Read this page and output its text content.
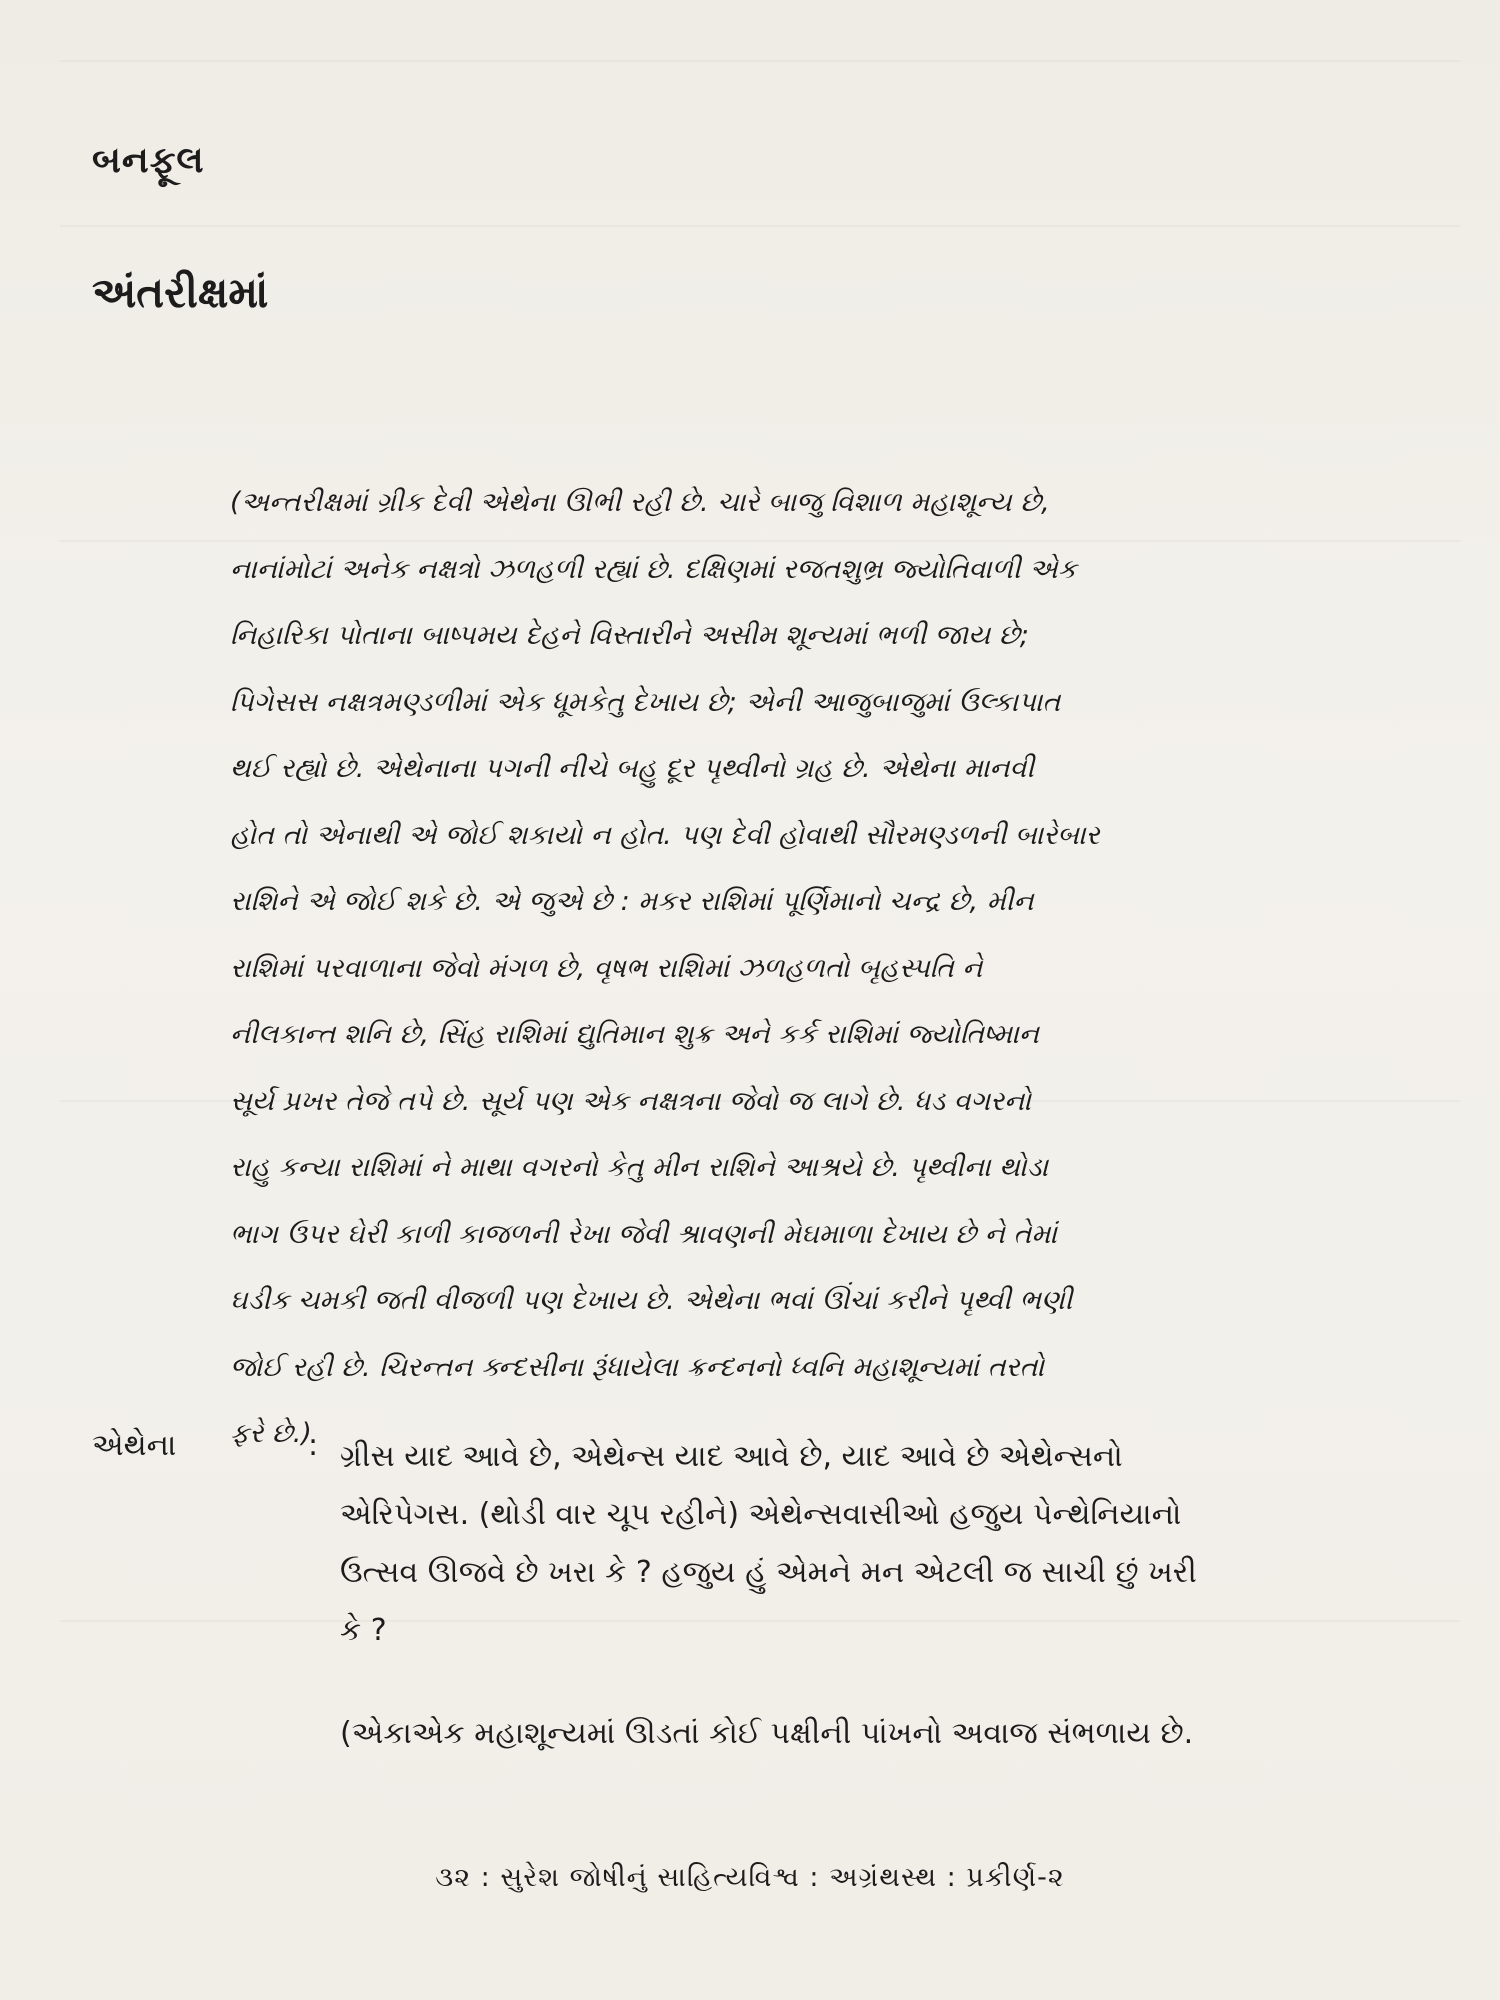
બનફૂલ
અંતરીક્ષમાં
(અન્તરીક્ષમાં ગ્રીક દેવી એથેના ઊભી રહી છે. ચારે બાજુ વિશાળ મહાશૂન્ય છે,
નાનાંમોટાં અનેક નક્ષત્રો ઝળહળી રહ્યાં છે. દક્ષિણમાં રજતશુભ્ર જ્યોતિવાળી એક
નિહારિકા પોતાના બાષ્પમય દેહને વિસ્તારીને અસીમ શૂન્યમાં ભળી જાય છે;
પિગેસસ નક્ષત્રમણ્ડળીમાં એક ધૂમકેતુ દેખાય છે; એની આજુબાજુમાં ઉલ્કાપાત
થઈ રહ્યો છે. એથેનાના પગની નીચે બહુ દૂર પૃથ્વીનો ગ્રહ છે. એથેના માનવી
હોત તો એનાથી એ જોઈ શકાયો ન હોત. પણ દેવી હોવાથી સૌરમણ્ડળની બારેબાર
રાશિને એ જોઈ શકે છે. એ જુએ છે : મકર રાશિમાં પૂર્ણિમાનો ચન્દ્ર છે, મીન
રાશિમાં પરવાળાના જેવો મંગળ છે, વૃષભ રાશિમાં ઝળહળતો બૃહસ્પતિ ને
નીલકાન્ત શનિ છે, સિંહ રાશિમાં દ્યુતિમાન શુક્ર અને કર્ક રાશિમાં જ્યોતિષ્માન
સૂર્ય પ્રખર તેજે તપે છે. સૂર્ય પણ એક નક્ષત્રના જેવો જ લાગે છે. ધડ વગરનો
રાહુ કન્યા રાશિમાં ને માથા વગરનો કેતુ મીન રાશિને આશ્રયે છે. પૃથ્વીના થોડા
ભાગ ઉપર ઘેરી કાળી કાજળની રેખા જેવી શ્રાવણની મેઘમાળા દેખાય છે ને તેમાં
ઘડીક ચમકી જતી વીજળી પણ દેખાય છે. એથેના ભવાં ઊંચાં કરીને પૃથ્વી ભણી
જોઈ રહી છે. ચિરન્તન ક્ન્દસીના રૂંધાયેલા ક્રન્દનનો ધ્વનિ મહાશૂન્યમાં તરતો
ફરે છે.)
એથેના	: ગ્રીસ યાદ આવે છે, એથેન્સ યાદ આવે છે, યાદ આવે છે એથેન્સનો
એરિપેગસ. (થોડી વાર ચૂપ રહીને) એથેન્સવાસીઓ હજુય પેન્થેનિયાનો
ઉત્સવ ઊજવે છે ખરા કે ? હજુય હું એમને મન એટલી જ સાચી છું ખરી
કે ?
(એકાએક મહાશૂન્યમાં ઊડતાં કોઈ પક્ષીની પાંખનો અવાજ સંભળાય છે.
૩૨ : સુરેશ જોષીનું સાહિત્યવિશ્વ : અગ્રંથસ્થ : પ્રકીર્ણ-૨
